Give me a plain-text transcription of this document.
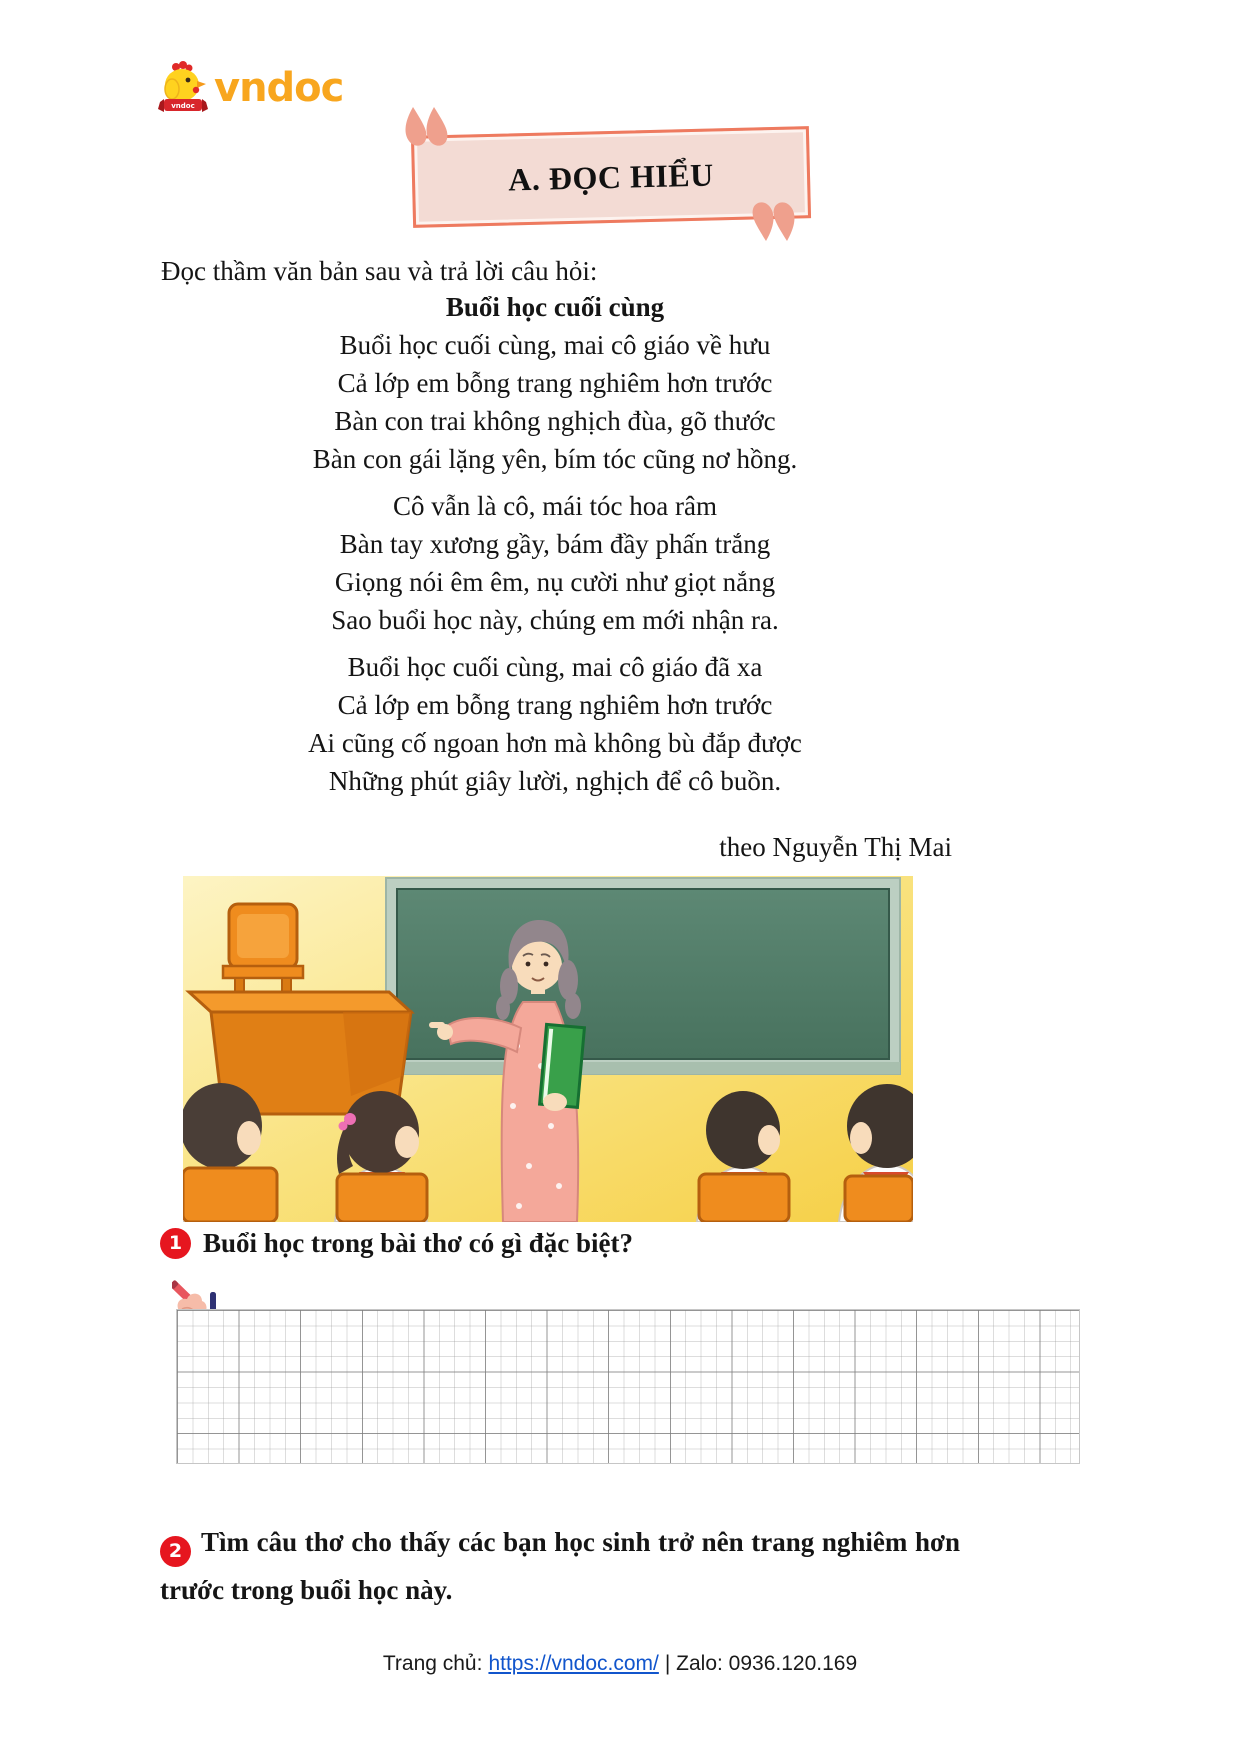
vndoc vndoc
A. ĐỌC HIỂU
Đọc thầm văn bản sau và trả lời câu hỏi:
Buổi học cuối cùng
Buổi học cuối cùng, mai cô giáo về hưu
Cả lớp em bỗng trang nghiêm hơn trước
Bàn con trai không nghịch đùa, gõ thước
Bàn con gái lặng yên, bím tóc cũng nơ hồng.
Cô vẫn là cô, mái tóc hoa râm
Bàn tay xương gầy, bám đầy phấn trắng
Giọng nói êm êm, nụ cười như giọt nắng
Sao buổi học này, chúng em mới nhận ra.
Buổi học cuối cùng, mai cô giáo đã xa
Cả lớp em bỗng trang nghiêm hơn trước
Ai cũng cố ngoan hơn mà không bù đắp được
Những phút giây lười, nghịch để cô buồn.
theo Nguyễn Thị Mai
1 Buổi học trong bài thơ có gì đặc biệt?

2 Tìm câu thơ cho thấy các bạn học sinh trở nên trang nghiêm hơn trước trong buổi học này.

Trang chủ: https://vndoc.com/ | Zalo: 0936.120.169
